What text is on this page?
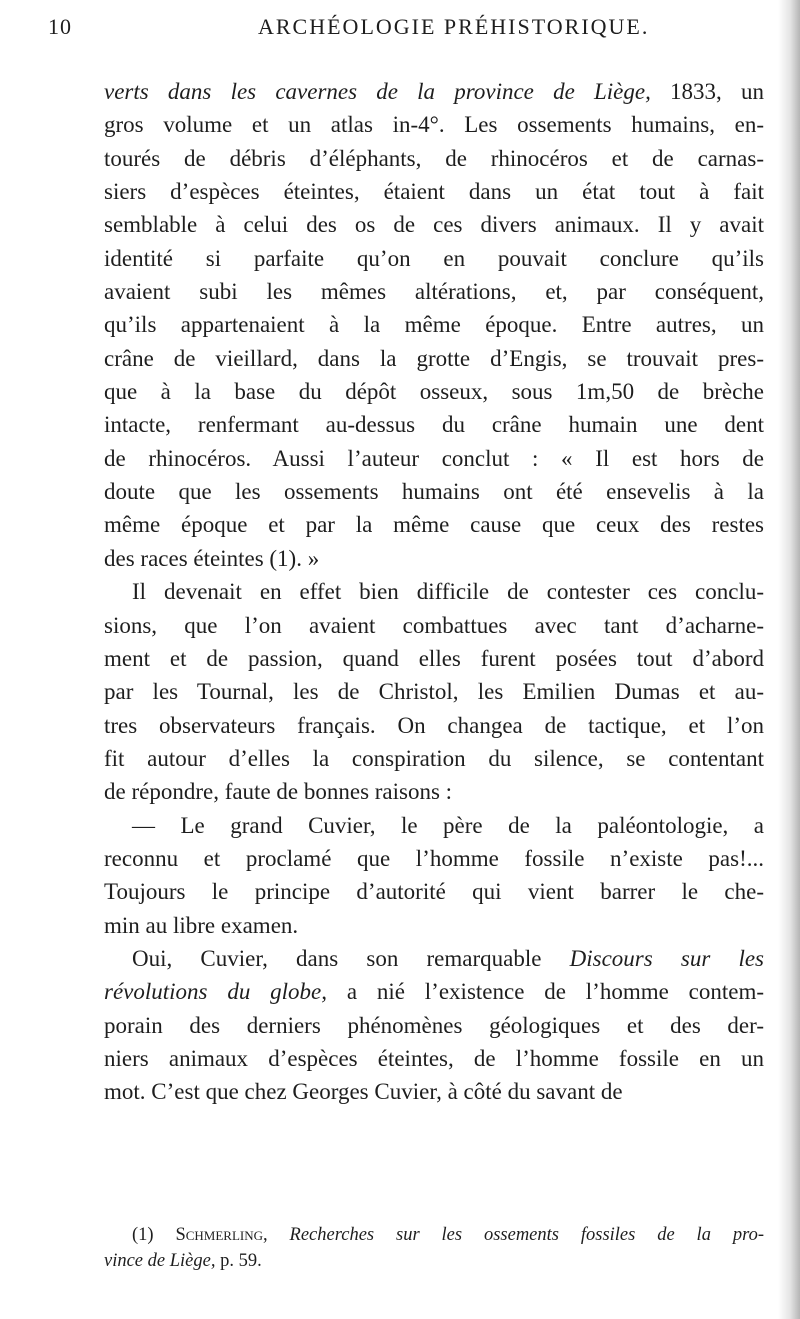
10	ARCHÉOLOGIE PRÉHISTORIQUE.
verts dans les cavernes de la province de Liège, 1833, un
gros volume et un atlas in-4°. Les ossements humains, en-
tourés de débris d’éléphants, de rhinocéros et de carnas-
siers d’espèces éteintes, étaient dans un état tout à fait
semblable à celui des os de ces divers animaux. Il y avait
identité si parfaite qu’on en pouvait conclure qu’ils
avaient subi les mêmes altérations, et, par conséquent,
qu’ils appartenaient à la même époque. Entre autres, un
crâne de vieillard, dans la grotte d’Engis, se trouvait pres-
que à la base du dépôt osseux, sous 1m,50 de brèche
intacte, renfermant au-dessus du crâne humain une dent
de rhinocéros. Aussi l’auteur conclut : « Il est hors de
doute que les ossements humains ont été ensevelis à la
même époque et par la même cause que ceux des restes
des races éteintes (1). »
Il devenait en effet bien difficile de contester ces conclu-
sions, que l’on avaient combattues avec tant d’acharne-
ment et de passion, quand elles furent posées tout d’abord
par les Tournal, les de Christol, les Emilien Dumas et au-
tres observateurs français. On changea de tactique, et l’on
fit autour d’elles la conspiration du silence, se contentant
de répondre, faute de bonnes raisons :
— Le grand Cuvier, le père de la paléontologie, a
reconnu et proclamé que l’homme fossile n’existe pas!...
Toujours le principe d’autorité qui vient barrer le che-
min au libre examen.
Oui, Cuvier, dans son remarquable Discours sur les
révolutions du globe, a nié l’existence de l’homme contem-
porain des derniers phénomènes géologiques et des der-
niers animaux d’espèces éteintes, de l’homme fossile en un
mot. C’est que chez Georges Cuvier, à côté du savant de
(1) Schmerling, Recherches sur les ossements fossiles de la pro-
vince de Liège, p. 59.
